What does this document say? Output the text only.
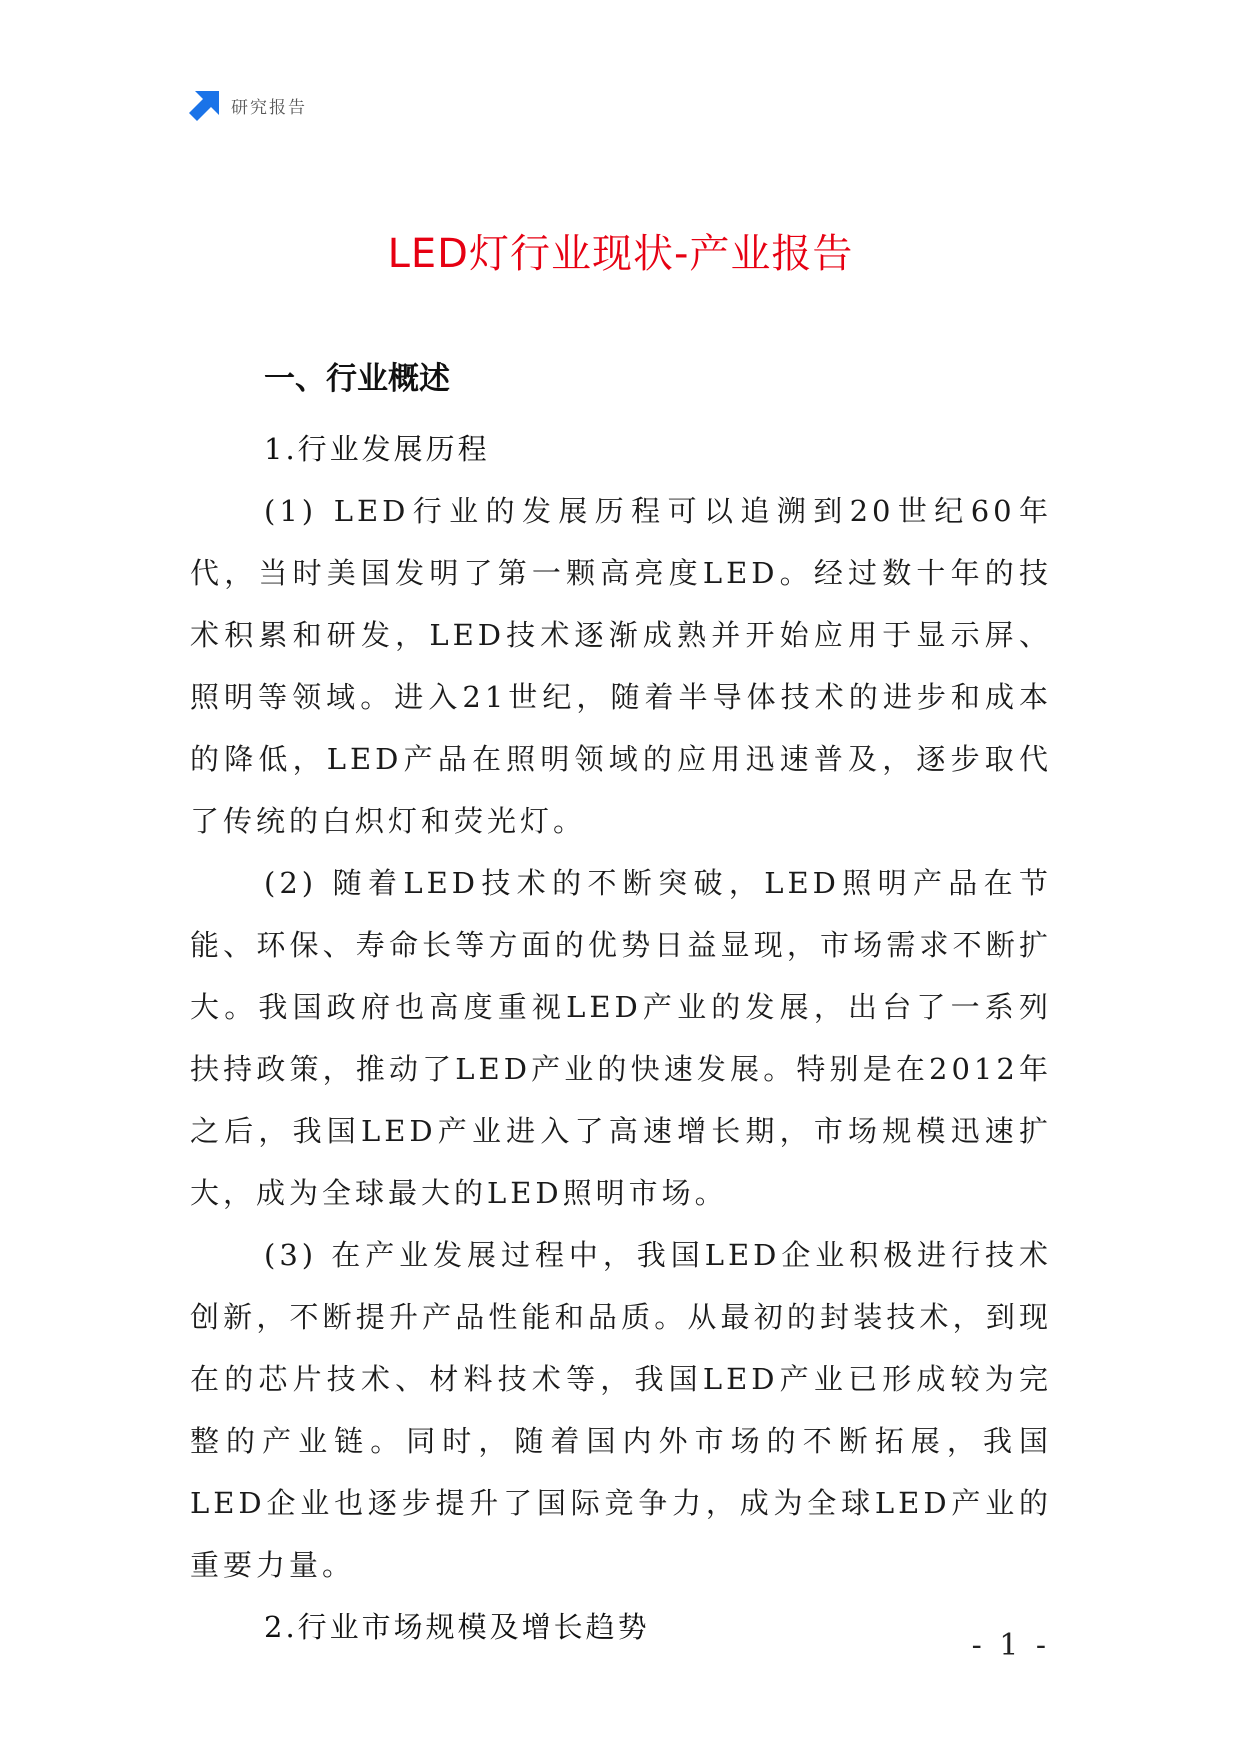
研究报告
LED灯行业现状-产业报告
一、行业概述
1.行业发展历程

(1) LED行业的发展历程可以追溯到20世纪60年代，当时美国发明了第一颗高亮度LED。经过数十年的技术积累和研发，LED技术逐渐成熟并开始应用于显示屏、照明等领域。进入21世纪，随着半导体技术的进步和成本的降低，LED产品在照明领域的应用迅速普及，逐步取代了传统的白炽灯和荧光灯。

(2) 随着LED技术的不断突破，LED照明产品在节能、环保、寿命长等方面的优势日益显现，市场需求不断扩大。我国政府也高度重视LED产业的发展，出台了一系列扶持政策，推动了LED产业的快速发展。特别是在2012年之后，我国LED产业进入了高速增长期，市场规模迅速扩大，成为全球最大的LED照明市场。

(3) 在产业发展过程中，我国LED企业积极进行技术创新，不断提升产品性能和品质。从最初的封装技术，到现在的芯片技术、材料技术等，我国LED产业已形成较为完整的产业链。同时，随着国内外市场的不断拓展，我国LED企业也逐步提升了国际竞争力，成为全球LED产业的重要力量。

2.行业市场规模及增长趋势
- 1 -
